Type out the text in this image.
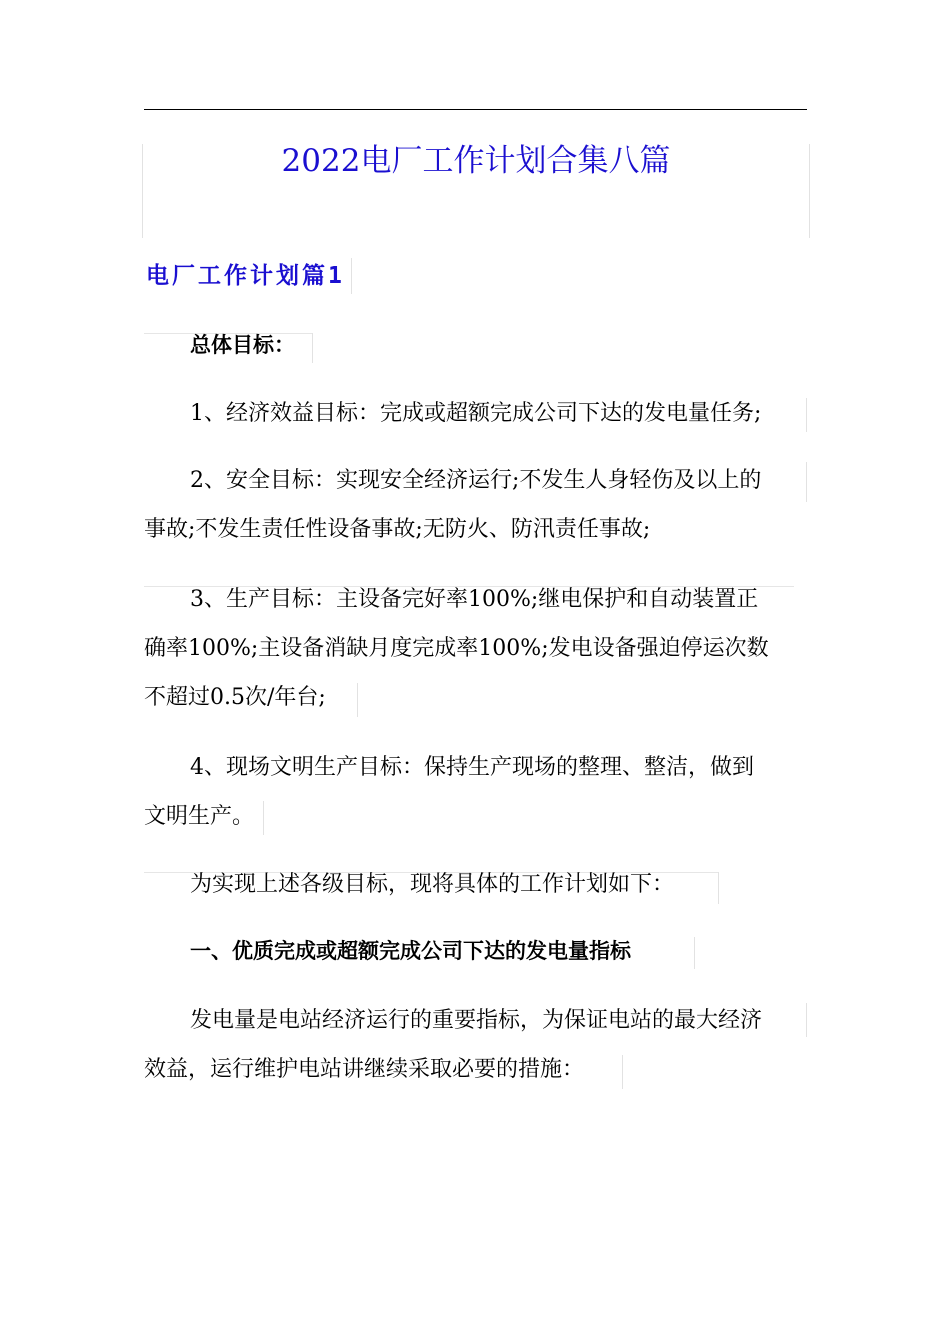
2022电厂工作计划合集八篇
电厂工作计划篇1

总体目标：

1、经济效益目标：完成或超额完成公司下达的发电量任务;

2、安全目标：实现安全经济运行;不发生人身轻伤及以上的

事故;不发生责任性设备事故;无防火、防汛责任事故;

3、生产目标：主设备完好率100%;继电保护和自动装置正

确率100%;主设备消缺月度完成率100%;发电设备强迫停运次数

不超过0.5次/年台;

4、现场文明生产目标：保持生产现场的整理、整洁，做到

文明生产。

为实现上述各级目标，现将具体的工作计划如下：

一、优质完成或超额完成公司下达的发电量指标

发电量是电站经济运行的重要指标，为保证电站的最大经济

效益，运行维护电站讲继续采取必要的措施：
